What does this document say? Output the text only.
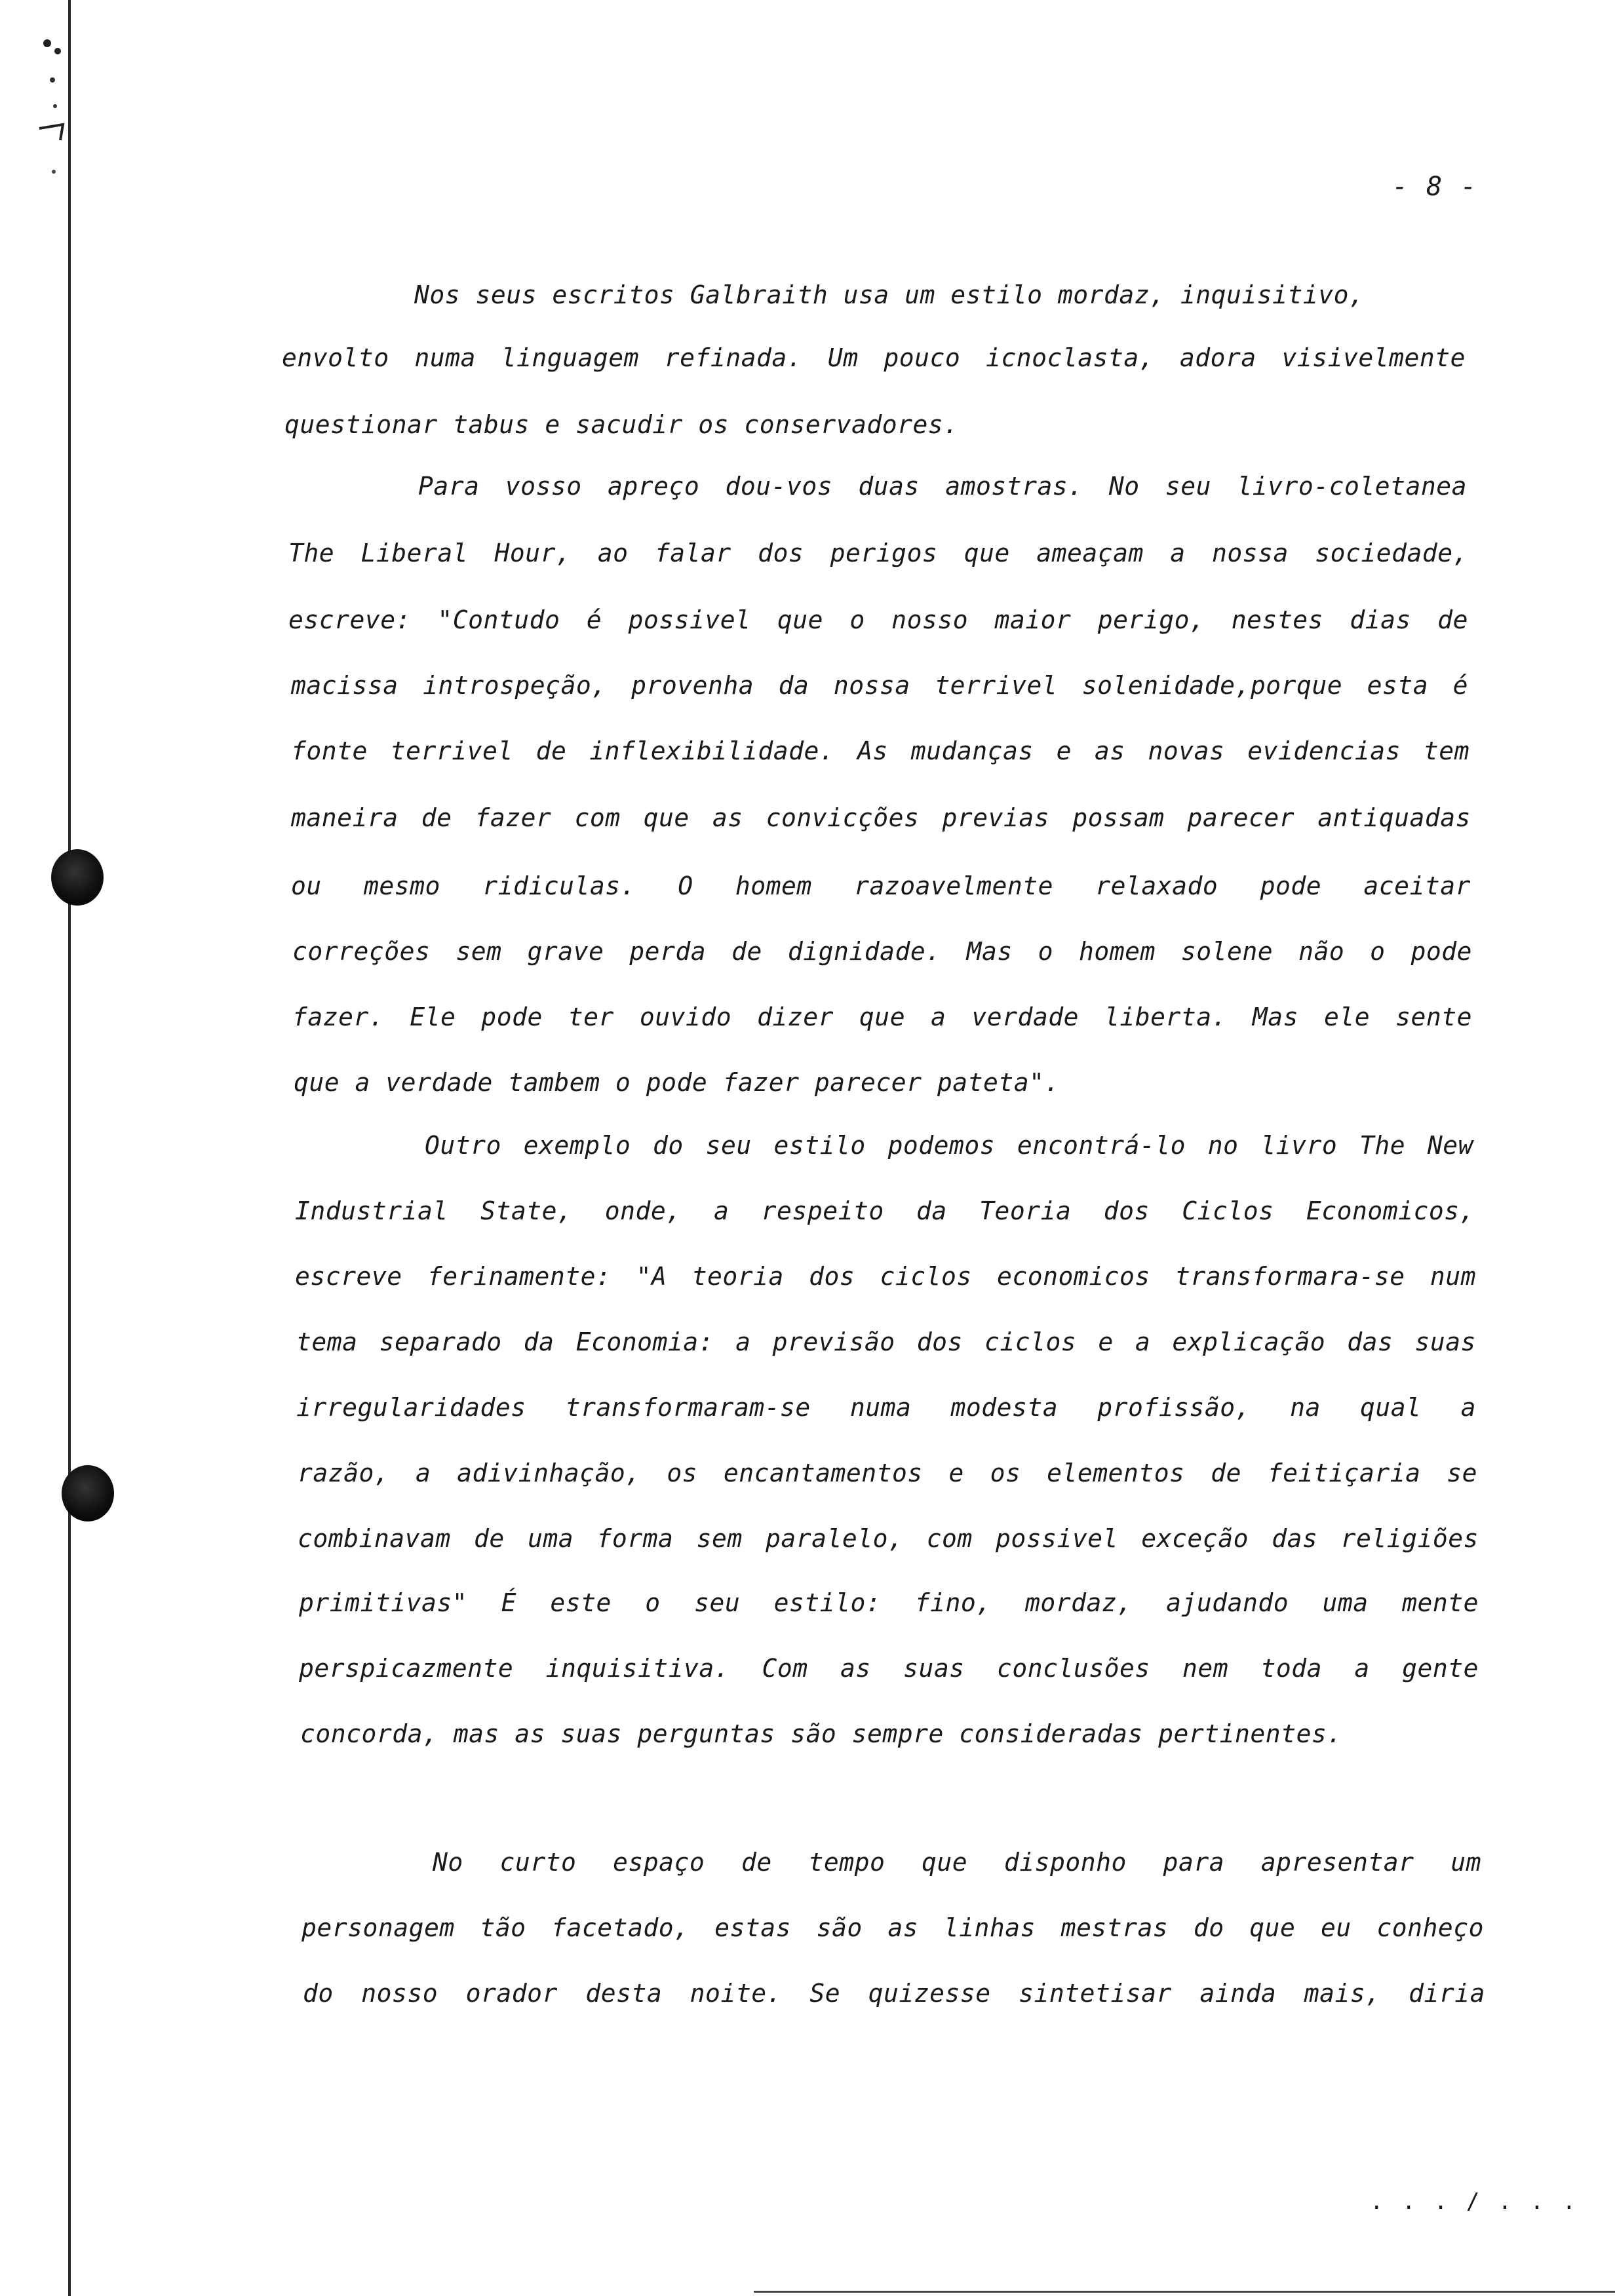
- 8 -
Nos seus escritos Galbraith usa um estilo mordaz, inquisitivo,
envolto numa linguagem refinada. Um pouco icnoclasta, adora visivelmente
questionar tabus e sacudir os conservadores.
Para vosso apreço dou-vos duas amostras. No seu livro-coletanea
The Liberal Hour, ao falar dos perigos que ameaçam a nossa sociedade,
escreve: "Contudo é possivel que o nosso maior perigo, nestes dias de
macissa introspeção, provenha da nossa terrivel solenidade,porque esta é
fonte terrivel de inflexibilidade. As mudanças e as novas evidencias tem
maneira de fazer com que as convicções previas possam parecer antiquadas
ou mesmo ridiculas. O homem razoavelmente relaxado pode aceitar
correções sem grave perda de dignidade. Mas o homem solene não o pode
fazer. Ele pode ter ouvido dizer que a verdade liberta. Mas ele sente
que a verdade tambem o pode fazer parecer pateta".
Outro exemplo do seu estilo podemos encontrá-lo no livro The New
Industrial State, onde, a respeito da Teoria dos Ciclos Economicos,
escreve ferinamente: "A teoria dos ciclos economicos transformara-se num
tema separado da Economia: a previsão dos ciclos e a explicação das suas
irregularidades transformaram-se numa modesta profissão, na qual a
razão, a adivinhação, os encantamentos e os elementos de feitiçaria se
combinavam de uma forma sem paralelo, com possivel exceção das religiões
primitivas" É este o seu estilo: fino, mordaz, ajudando uma mente
perspicazmente inquisitiva. Com as suas conclusões nem toda a gente
concorda, mas as suas perguntas são sempre consideradas pertinentes.
No curto espaço de tempo que disponho para apresentar um
personagem tão facetado, estas são as linhas mestras do que eu conheço
do nosso orador desta noite. Se quizesse sintetisar ainda mais, diria
. . . / . . .
